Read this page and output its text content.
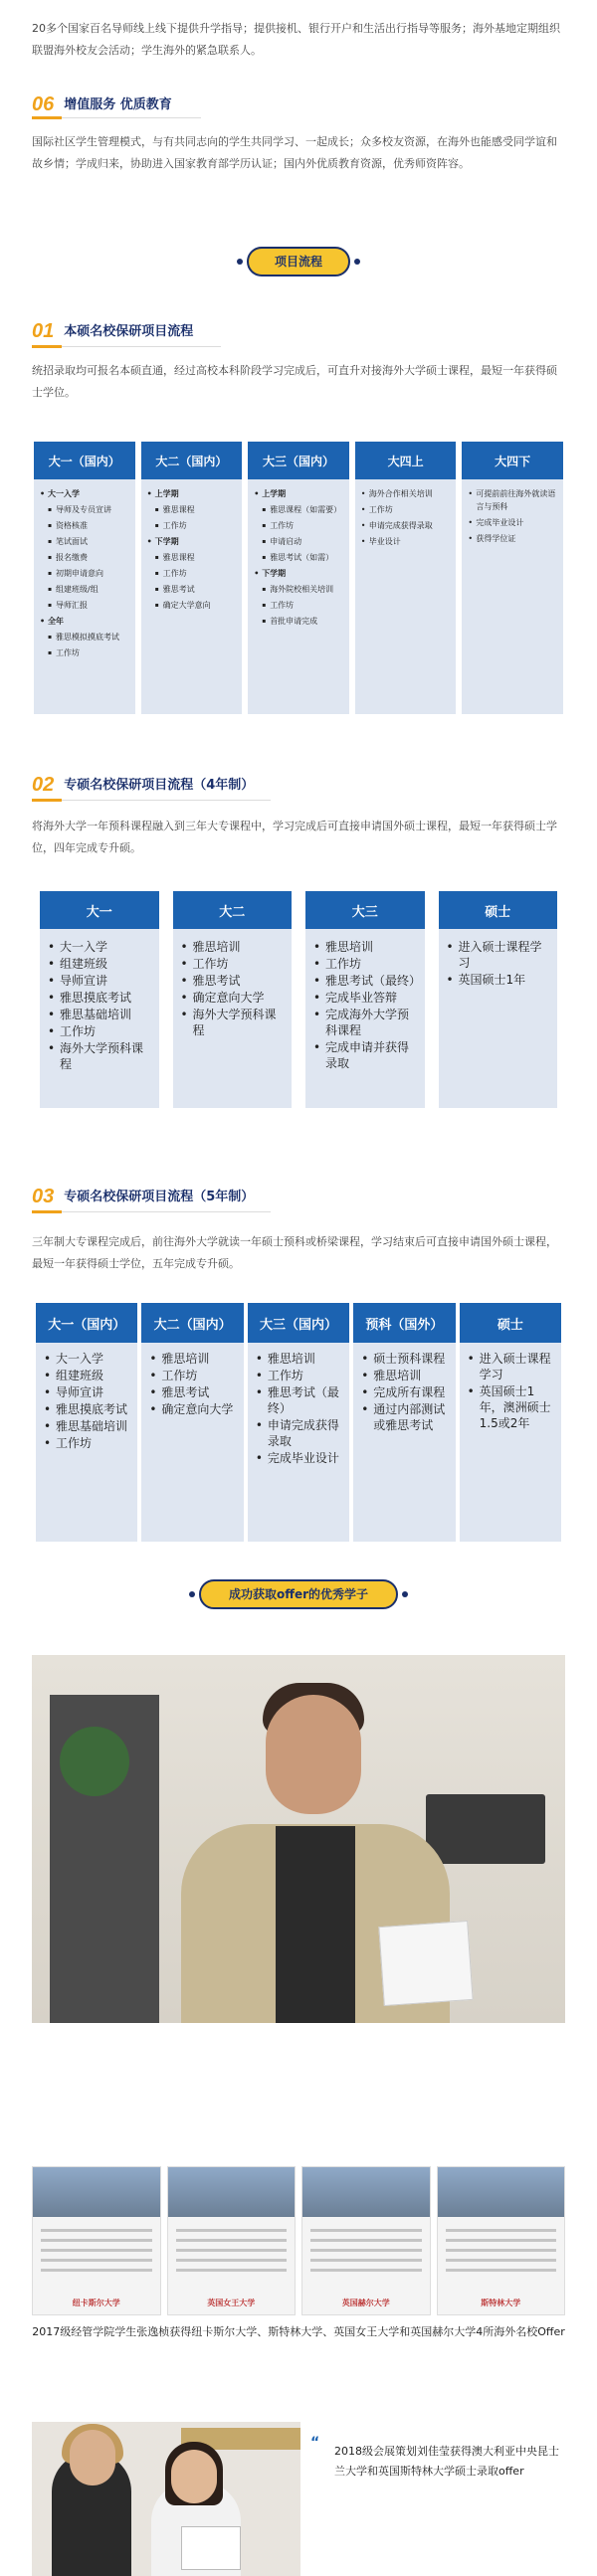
20多个国家百名导师线上线下提供升学指导；提供接机、银行开户和生活出行指导等服务；海外基地定期组织联盟海外校友会活动；学生海外的紧急联系人。

06 增值服务 优质教育

国际社区学生管理模式，与有共同志向的学生共同学习、一起成长；众多校友资源，在海外也能感受同学谊和故乡情；学成归来，协助进入国家教育部学历认证；国内外优质教育资源，优秀师资阵容。

项目流程
01 本硕名校保研项目流程

统招录取均可报名本硕直通，经过高校本科阶段学习完成后，可直升对接海外大学硕士课程，最短一年获得硕士学位。

大一（国内）
• 大一入学
▪ 导师及专员宣讲
▪ 资格核准
▪ 笔试面试
▪ 报名缴费
▪ 初期申请意向
▪ 组建班级/组
▪ 导师汇报
• 全年
▪ 雅思模拟摸底考试
▪ 工作坊
大二（国内）
• 上学期
▪ 雅思课程
▪ 工作坊
• 下学期
▪ 雅思课程
▪ 工作坊
▪ 雅思考试
▪ 确定大学意向
大三（国内）
• 上学期
▪ 雅思课程（如需要）
▪ 工作坊
▪ 申请启动
▪ 雅思考试（如需）
• 下学期
▪ 海外院校相关培训
▪ 工作坊
▪ 首批申请完成
大四上
• 海外合作相关培训
• 工作坊
• 申请完成获得录取
• 毕业设计
大四下
• 可提前前往海外就读语言与预科
• 完成毕业设计
• 获得学位证
02 专硕名校保研项目流程（4年制）

将海外大学一年预科课程融入到三年大专课程中，学习完成后可直接申请国外硕士课程，最短一年获得硕士学位，四年完成专升硕。

大一
• 大一入学
• 组建班级
• 导师宣讲
• 雅思摸底考试
• 雅思基础培训
• 工作坊
• 海外大学预科课程
大二
• 雅思培训
• 工作坊
• 雅思考试
• 确定意向大学
• 海外大学预科课程
大三
• 雅思培训
• 工作坊
• 雅思考试（最终）
• 完成毕业答辩
• 完成海外大学预科课程
• 完成申请并获得录取
硕士
• 进入硕士课程学习
• 英国硕士1年
03 专硕名校保研项目流程（5年制）

三年制大专课程完成后，前往海外大学就读一年硕士预科或桥梁课程，学习结束后可直接申请国外硕士课程，最短一年获得硕士学位，五年完成专升硕。

大一（国内）
• 大一入学
• 组建班级
• 导师宣讲
• 雅思摸底考试
• 雅思基础培训
• 工作坊
大二（国内）
• 雅思培训
• 工作坊
• 雅思考试
• 确定意向大学
大三（国内）
• 雅思培训
• 工作坊
• 雅思考试（最终）
• 申请完成获得录取
• 完成毕业设计
预科（国外）
• 硕士预科课程
• 雅思培训
• 完成所有课程
• 通过内部测试或雅思考试
硕士
• 进入硕士课程学习
• 英国硕士1年，澳洲硕士1.5或2年
成功获取offer的优秀学子
纽卡斯尔大学	英国女王大学	英国赫尔大学	斯特林大学

2017级经管学院学生张逸桢获得纽卡斯尔大学、斯特林大学、英国女王大学和英国赫尔大学4所海外名校Offer

“

2018级会展策划刘佳莹获得澳大利亚中央昆士兰大学和英国斯特林大学硕士录取offer
